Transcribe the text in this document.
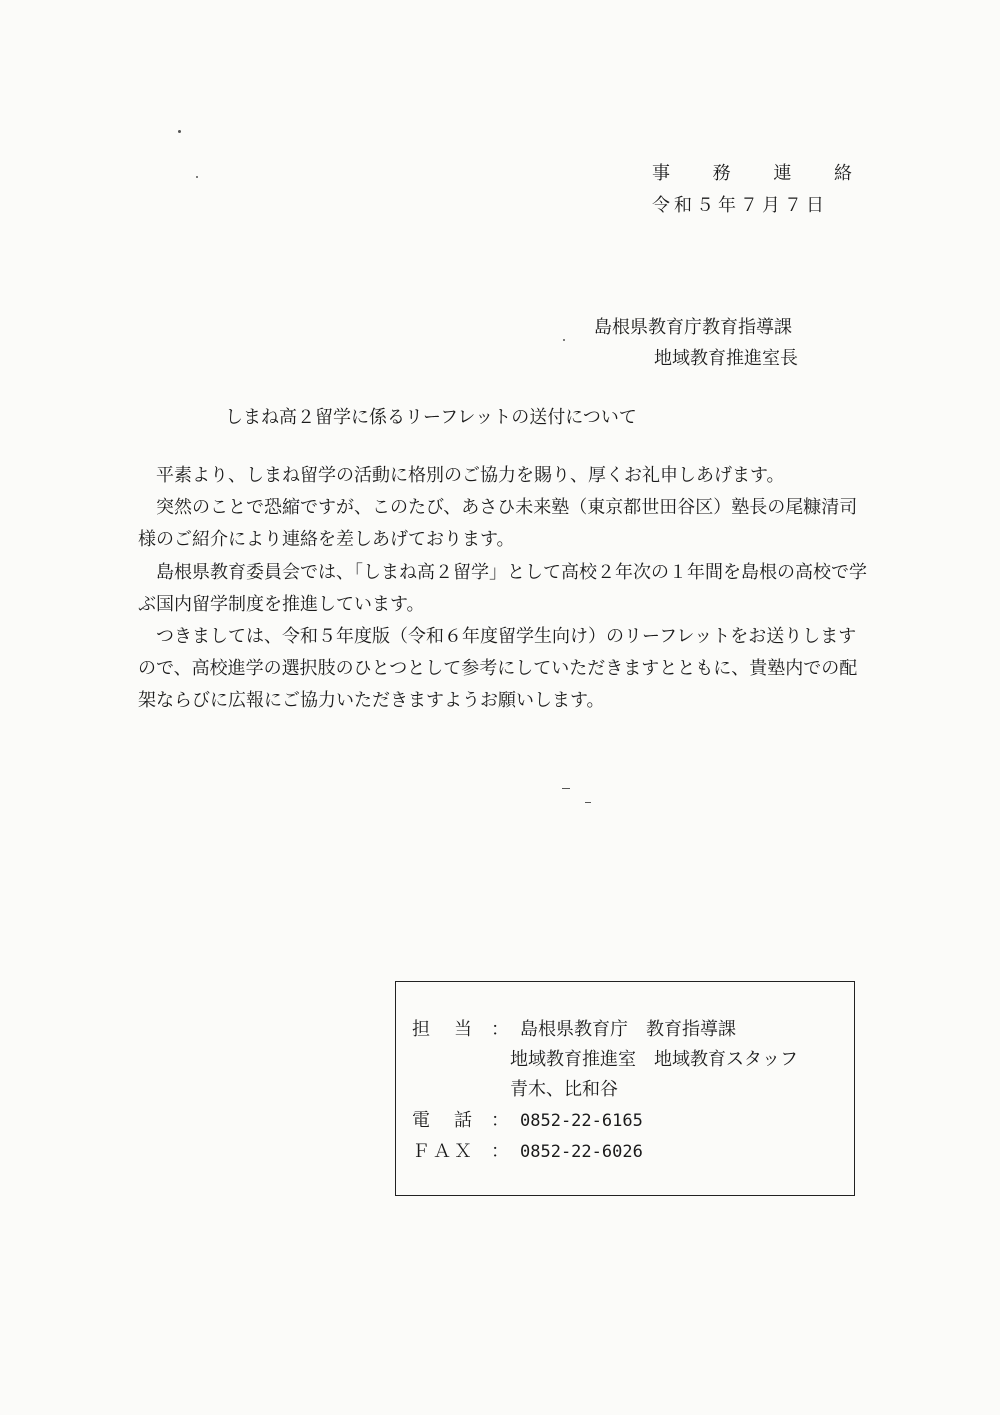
事 務 連 絡
令和５年７月７日
島根県教育庁教育指導課
地域教育推進室長
しまね高２留学に係るリーフレットの送付について

平素より、しまね留学の活動に格別のご協力を賜り、厚くお礼申しあげます。

突然のことで恐縮ですが、このたび、あさひ未来塾（東京都世田谷区）塾長の尾糠清司様のご紹介により連絡を差しあげております。

島根県教育委員会では、「しまね高２留学」として高校２年次の１年間を島根の高校で学ぶ国内留学制度を推進しています。

つきましては、令和５年度版（令和６年度留学生向け）のリーフレットをお送りしますので、高校進学の選択肢のひとつとして参考にしていただきますとともに、貴塾内での配架ならびに広報にご協力いただきますようお願いします。

担 当	： 島根県教育庁　教育指導課
地域教育推進室　地域教育スタッフ
青木、比和谷
電 話	： 0852-22-6165
Ｆ Ａ Ｘ	： 0852-22-6026
